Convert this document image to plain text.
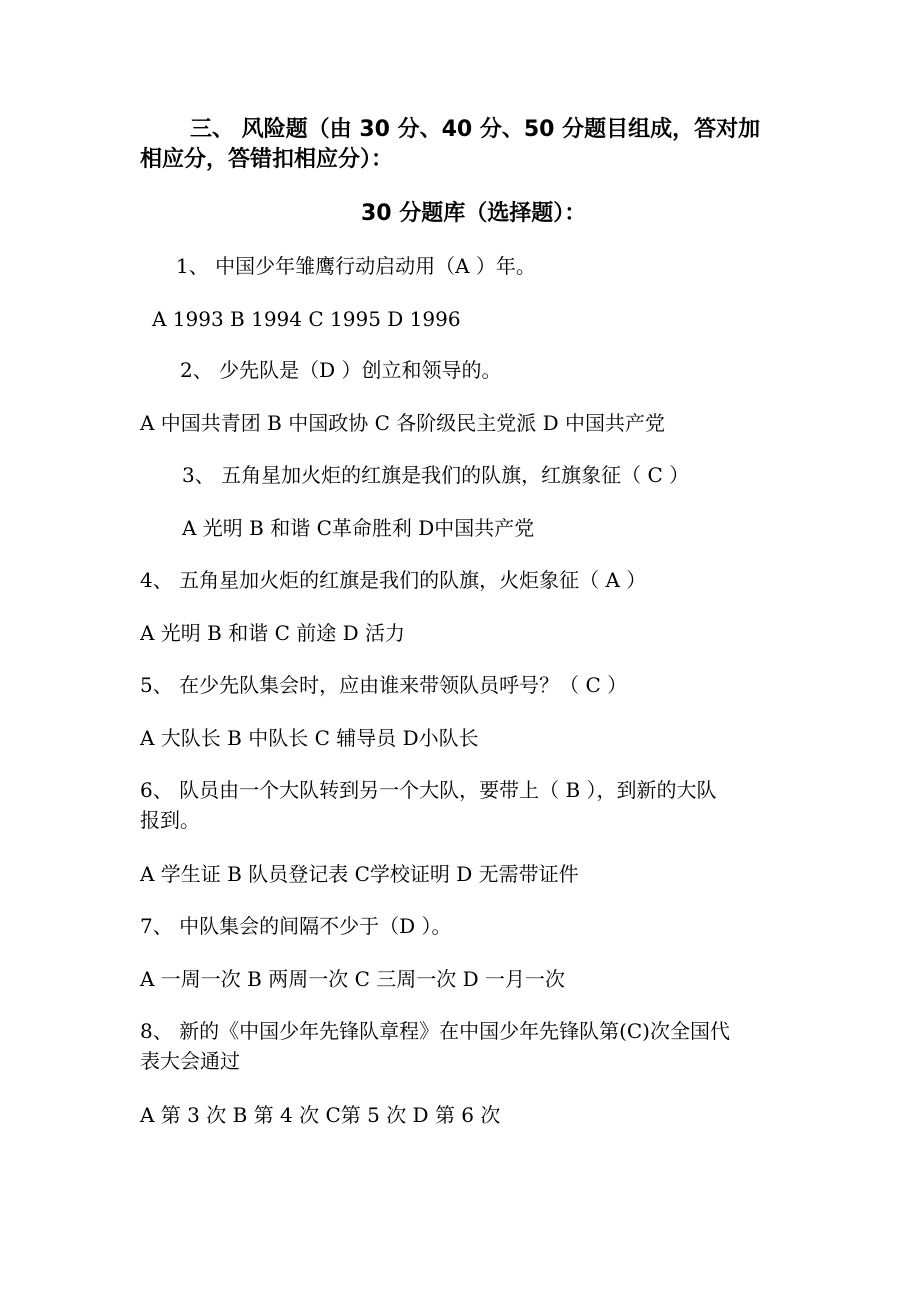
三、 风险题（由 30 分、40 分、50 分题目组成，答对加
相应分，答错扣相应分）：
30 分题库（选择题）：
1、 中国少年雏鹰行动启动用（A ）年。
A 1993 B 1994 C 1995 D 1996
2、 少先队是（D ）创立和领导的。
A 中国共青团 B 中国政协 C 各阶级民主党派 D 中国共产党
3、 五角星加火炬的红旗是我们的队旗，红旗象征（ C ）
A 光明 B 和谐 C革命胜利 D中国共产党
4、 五角星加火炬的红旗是我们的队旗，火炬象征（ A ）
A 光明 B 和谐 C 前途 D 活力
5、 在少先队集会时，应由谁来带领队员呼号？（ C ）
A 大队长 B 中队长 C 辅导员 D小队长
6、 队员由一个大队转到另一个大队，要带上（ B ），到新的大队
报到。
A 学生证 B 队员登记表 C学校证明 D 无需带证件
7、 中队集会的间隔不少于（D ）。
A 一周一次 B 两周一次 C 三周一次 D 一月一次
8、 新的《中国少年先锋队章程》在中国少年先锋队第(C)次全国代
表大会通过
A 第 3 次 B 第 4 次 C第 5 次 D 第 6 次
